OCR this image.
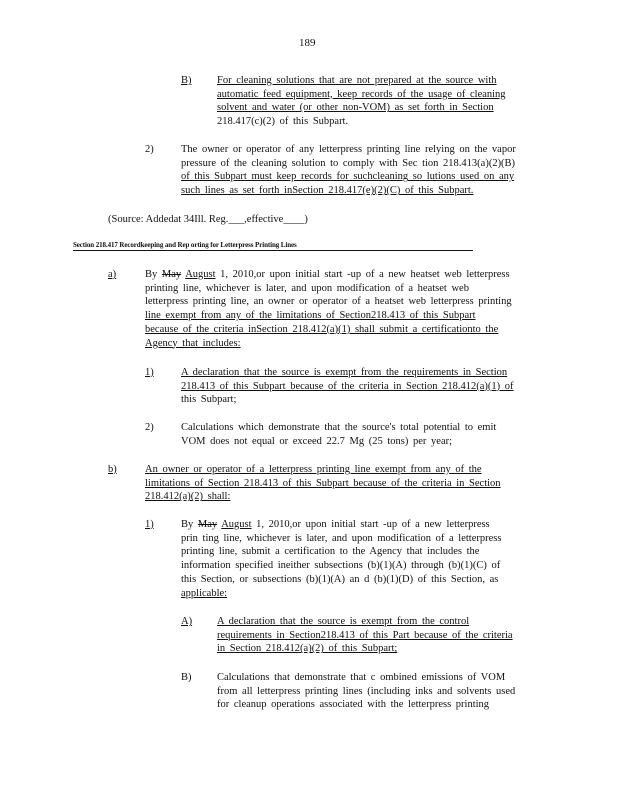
189
B)
2)
(Source: Addedat 34Ill. Reg.___,effective____)
Section 218.417 Recordkeeping and Rep orting for Letterpress Printing Lines
a)
1)
2)
b)
1)
A)
B)
For cleaning solutions that are not prepared at the source with
automatic feed equipment, keep records of the usage of cleaning
solvent and water (or other non-VOM) as set forth in Section
218.417(c)(2) of this Subpart.
The owner or operator of any letterpress printing line relying on the vapor
pressure of the cleaning solution to comply with Sec tion 218.413(a)(2)(B)
of this Subpart must keep records for suchcleaning so lutions used on any
such lines as set forth inSection 218.417(e)(2)(C) of this Subpart.
By May August 1, 2010,or upon initial start -up of a new heatset web letterpress
printing line, whichever is later, and upon modification of a heatset web
letterpress printing line, an owner or operator of a heatset web letterpress printing
line exempt from any of the limitations of Section218.413 of this Subpart
because of the criteria inSection 218.412(a)(1) shall submit a certificationto the
Agency that includes:
A declaration that the source is exempt from the requirements in Section
218.413 of this Subpart because of the criteria in Section 218.412(a)(1) of
this Subpart;
Calculations which demonstrate that the source's total potential to emit
VOM does not equal or exceed 22.7 Mg (25 tons) per year;
An owner or operator of a letterpress printing line exempt from any of the
limitations of Section 218.413 of this Subpart because of the criteria in Section
218.412(a)(2) shall:
By May August 1, 2010,or upon initial start -up of a new letterpress
prin ting line, whichever is later, and upon modification of a letterpress
printing line, submit a certification to the Agency that includes the
information specified ineither subsections (b)(1)(A) through (b)(1)(C) of
this Section, or subsections (b)(1)(A) an d (b)(1)(D) of this Section, as
applicable:
A declaration that the source is exempt from the control
requirements in Section218.413 of this Part because of the criteria
in Section 218.412(a)(2) of this Subpart;
Calculations that demonstrate that c ombined emissions of VOM
from all letterpress printing lines (including inks and solvents used
for cleanup operations associated with the letterpress printing
